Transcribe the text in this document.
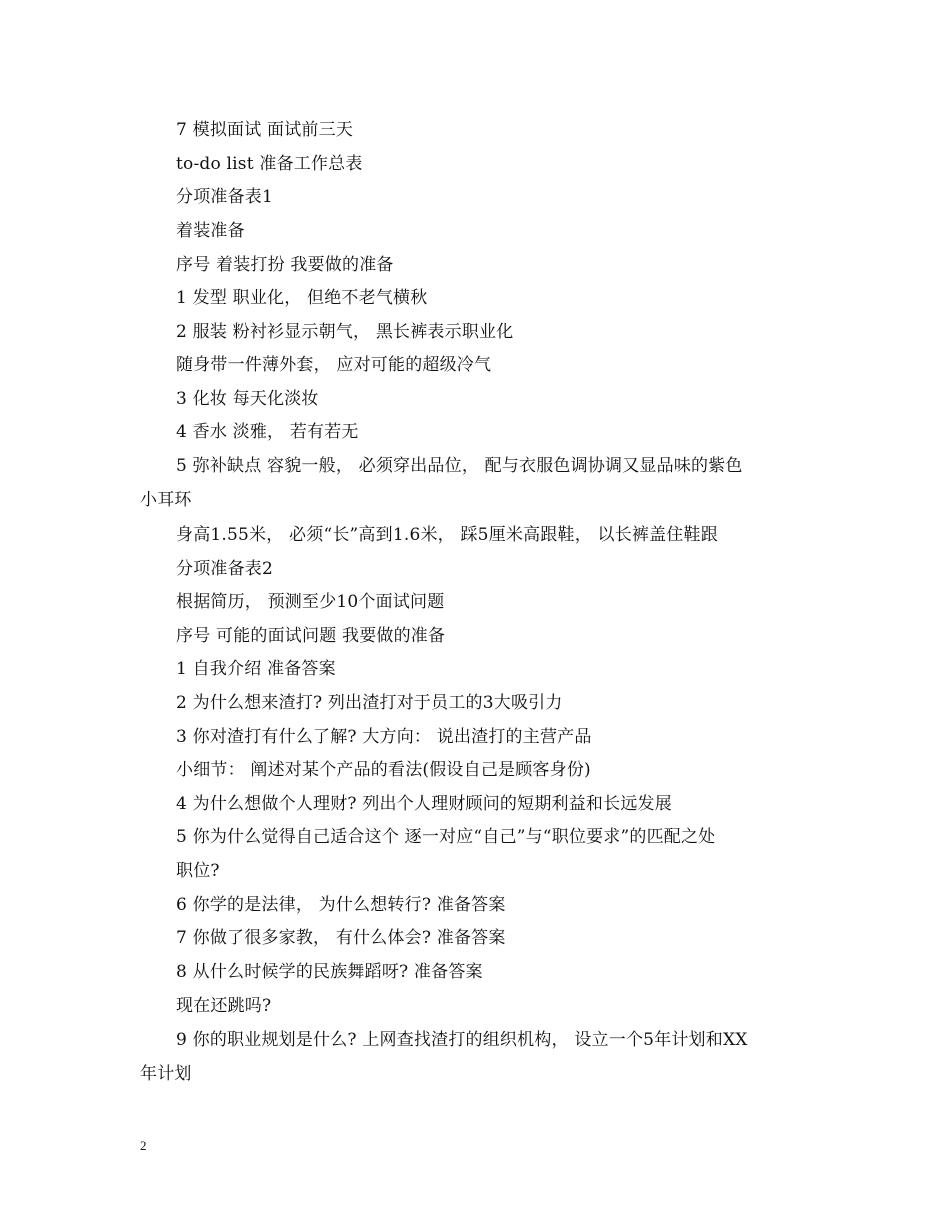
7 模拟面试 面试前三天
to-do list 准备工作总表
分项准备表1
着装准备
序号 着装打扮 我要做的准备
1 发型 职业化， 但绝不老气横秋
2 服装 粉衬衫显示朝气， 黑长裤表示职业化
随身带一件薄外套， 应对可能的超级冷气
3 化妆 每天化淡妆
4 香水 淡雅， 若有若无
5 弥补缺点 容貌一般， 必须穿出品位， 配与衣服色调协调又显品味的紫色
小耳环
身高1.55米， 必须“长”高到1.6米， 踩5厘米高跟鞋， 以长裤盖住鞋跟
分项准备表2
根据简历， 预测至少10个面试问题
序号 可能的面试问题 我要做的准备
1 自我介绍 准备答案
2 为什么想来渣打? 列出渣打对于员工的3大吸引力
3 你对渣打有什么了解? 大方向： 说出渣打的主营产品
小细节： 阐述对某个产品的看法(假设自己是顾客身份)
4 为什么想做个人理财? 列出个人理财顾问的短期利益和长远发展
5 你为什么觉得自己适合这个 逐一对应“自己”与“职位要求”的匹配之处
职位?
6 你学的是法律， 为什么想转行? 准备答案
7 你做了很多家教， 有什么体会? 准备答案
8 从什么时候学的民族舞蹈呀? 准备答案
现在还跳吗?
9 你的职业规划是什么? 上网查找渣打的组织机构， 设立一个5年计划和XX
年计划
2
